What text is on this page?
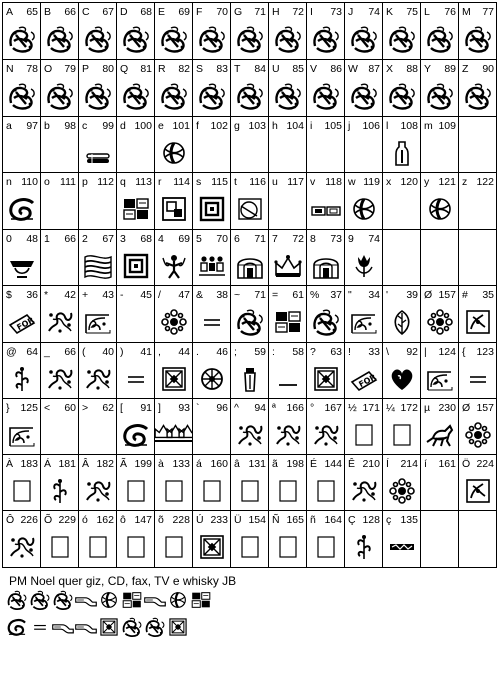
A 65 B 66 C 67 D 68 E 69 F 70 G 71 H 72 I 73 J 74 K 75 L 76 M 77
N 78 O 79 P 80 Q 81 R 82 S 83 T 84 U 85 V 86 W 87 X 88 Y 89 Z 90
a 97 b 98 c 99 d 100 e 101 f 102 g 103 h 104 i 105 j 106 l 108 m 109
n 110 o 111 p 112 q 113 r 114 s 115 t 116 u 117 v 118 w 119 x 120 y 121 z 122
0 48 1 66 2 67 3 68 4 69 5 70 6 71 7 72 8 73 9 74
$ 36
FOR
* 42 + 43 - 45 / 47 & 38 ~ 71 = 61 % 37 " 34 ' 39 Ø 157 # 35
@ 64 _ 66 ( 40 ) 41 , 44 . 46 ; 59 : 58 ? 63 ! 33
FOR
\ 92 | 124 { 123
} 125 < 60 > 62 [ 91 ] 93 ` 96 ^ 94 ª 166 ° 167 ½ 171 ¼ 172 µ 230 Ø 157
À 183 Á 181 Â 182 Ã 199 à 133 á 160 â 131 ã 198 É 144 Ê 210 Í 214 í 161 Ö 224
Ô 226 Õ 229 ó 162 ô 147 õ 228 Ú 233 Ü 154 Ñ 165 ñ 164 Ç 128 ç 135
PM Noel quer giz, CD, fax, TV e whisky JB
